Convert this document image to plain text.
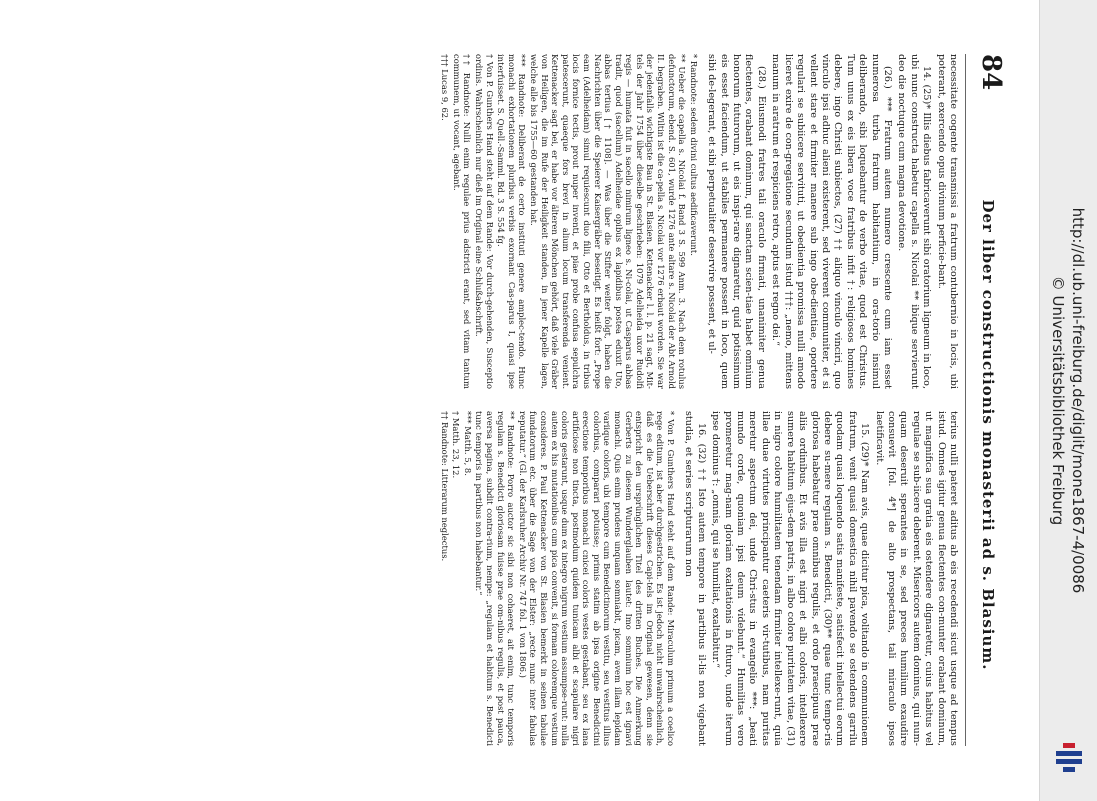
84
Der liber constructionis monasterii ad s. Blasium.

necessitate cogente transmissi a fratrum contubernio in locis, ubi poterant, exercendo opus divinum perficie-bant.

14. (25)* Illis diebus fabricaverunt sibi oratorium ligneum in loco, ubi nunc constructa habetur capella s. Nicolai ** ibique servierunt deo die noctuque cum magna devotione.

(26.) *** Fratrum autem numero crescente cum iam esset numerosa turba fratrum habitantium, in ora-torio insimul deliberando, sibi loquebantur de verbo vitae, quod est Christus. Tum unus ex eis libera voce fratribus infit †: religiosos homines debere, ingo Christi subiectos, (27) †† aliquo vinculo vinciri, quo vinculo ipsi adhuc alieni existerent, sed viverent communiter, et si vellent stare et firmiter manere sub ingo obe-dientiae, oportere regulari se subiicere servituti, ut obedientia promissa nulli amodo liceret exire de con-gregatione secundum istud †††: „nemo, mittens manum in aratrum et respiciens retro, aptus est regno dei.“

(28.) Eiusmodi fratres tali oraculo firmati, unanimiter genua flectentes, orabant dominum, qui sanctam scien-tiae habet omnium honorum futurorum, ut eis inspi-rare dignaretur, quid potissimum eis esset faciendum, ut stabiles permanere possent in loco, quem sibi de-legerant, et sibi perpetualiter deservire possent, et ul-

* Randnote: sedem divini cultus aedificaverunt.

** Ueber die capella s. Nicolai f. Band 3 S. 599 Anm. 3. Nach dem rotulus defunctorum, ebend. S. 601, wurde 1276 ante altare s. Nicolai der Abt Arnold II. begraben. Wiltin ist die ca-pella s. Nicolai vor 1276 erbaut worden. Sie war der jedenfalls wichtigste Bau in St. Blasien. Kettenacker l. l. p. 21 sagt, Mit-tels der Jahr 1754 über dieselbe geschrieben: 1079 Adelheida uxor Rudolfi regis — humata fuit in sacello nimirum ligneo s. Ni-colai, ut Casparus abbas tradit, quod (sacellum) Adelheidae opibus ex lapidibus postea eduxit Uto, abbas tertius [† 1108]. — Was über die Stifter weiter folgt, haben die Nachrichten über die Speierer Kaisergräber beseitigt. Es heißt fort: „Prope eam (Adelheidam) simul requiescunt duo filii, Otto et Bertholdus, in tribus locis fornice tectis, prout nuper inventi, et piae probe confusa sepulchra patescerunt, quaeque fors brevi in alium locum transferenda venient. Kettenacker sagt bei, er habe vor älteren Mönchen gehört, daß viele Gräber von Heiligen, die im Rufe der Heiligkeit standen, in jener Kapelle lagen, welche alle bis 1755—60 gestanden hat.

*** Randnote: Deliberant de certo instituti genere amplec-tendo. Hunc monachi exhortationem pluribus verbis exornant Cas-parus I, quasi ipse interfuisset. S. Quell.-Samml. Bd. 3 S. 554 fg.

† Von P. Gunthers Hand steht auf dem Rande: Vor durch-gehenden, Susceptio ordinis. Wahrscheinlich nur dieß im Original eine Schlußabschrift.

†† Randnote: Nulli enim regulae prius adstricti erant, sed vitam tantum communem, ut vocant, agebant.

††† Lucas 9, 62.

terius nulli pateret aditus ab eis recedendi sicut usque ad tempus istud. Omnes igitur genua flectentes con-munter orabant dominum, ut magnifica sua gratia eis ostendere dignaretur, cuius habitus vel regulae se sub-iicere deberent. Misericors autem dominus, qui num-quam deseruit sperantes in se, sed preces humilium exaudire consuevit [fol. 4*] de alto prospectans, tali miraculo ipsos laetificavit.

15. (29)* Nam avis, quae dicitur pica, volitando in communionem fratrum, venit quasi domestica nihil pavendo se ostendens garrilu quodam quasi loquendo satis manifeste, satisfecit intellectui eorum debere su-mere regulam s. Benedicti, (30)** quae tunc tempo-ris gloriosa habebatur prae omnibus regulis, et ordo praecipuus prae aliis ordinibus. Et avis illa est nigri et albi coloris, intellexere sumere habitum ejus-dem patris, in albo colore puritatem vitae, (31) in nigro colore humilitatem tenendam firmiter intellexe-runt, quia illae duae virtutes principantur caeteris vir-tutibus, nam puritas meretur aspectum dei, unde Chri-stus in evangelio ***: „beati mundo corde, quoniam ipsi deum videbunt.“ Humilitas vero promeretur mag-nam gloriam exaltationis in futuro, unde iterum ipse dominus †: „omnis, qui se humiliat, exaltabitur.“

16. (32) †† Isto autem tempore in partibus il-lis non vigebant studia, et series scripturarum non

* Von P. Gunthers Hand steht auf dem Rande: Miraculum primum a coelico rege editum, ist aber durchgestrichen. Es ist jedoch nicht unwahrscheinlich, daß es die Ueberschrift dieses Capi-tels im Original gewesen, denn sie entspricht den ursprünglichen Titel des dritten Buches. Die Anmerkung Gerberts zu diesem Wunderglauben lautet: Imo somnium hoc est ignavi monachi. Quis enim prudens unquam somniabit, picam, avem illam lepidam variique coloris, ubi tempore cum Benedictinorum vestitu, seu vestitus illius coloribus, comparari potuisse; primis statim ab ipsa origine Benedictini erectione temporibus monachi cnicei coloris vestes gestabant, seu ex lana artificiose non tincta, postmodum quidem tunicam albi et scapulare nigri coloris gestarunt, usque dum ex integro nigrum vestium assumpse-runt: nulla autem ex his mutationibus cum pica convenit, si formam coloremque vestium consideres. P. Paul Kettenacker von St. Blasien bemerkt in seinen tabulae fundatorum etc. über die Sage von der Elster: „recte nunc inter fabulas reputatur.“ (Gl. der Karlsruher Archiv Nr. 747 fol. 1 von 1806.)

** Randnote: Porro auctor sic sibi non cohaeret, ait enim, tunc temporis regulam s. Benedicti gloriosam fuisse prae om-nibus regulis, et post pauca, aversa pagina, subdit contra-rium, nempe: „regulam et habitum s. Benedicti tunc temporis in partibus non habebantur.“

*** Matth. 5, 8.

† Matth. 23, 12.

†† Randnote: Litterarum neglectus.	http://dl.ub.uni-freiburg.de/diglit/mone1867-4/0086
© Universitätsbibliothek Freiburg
